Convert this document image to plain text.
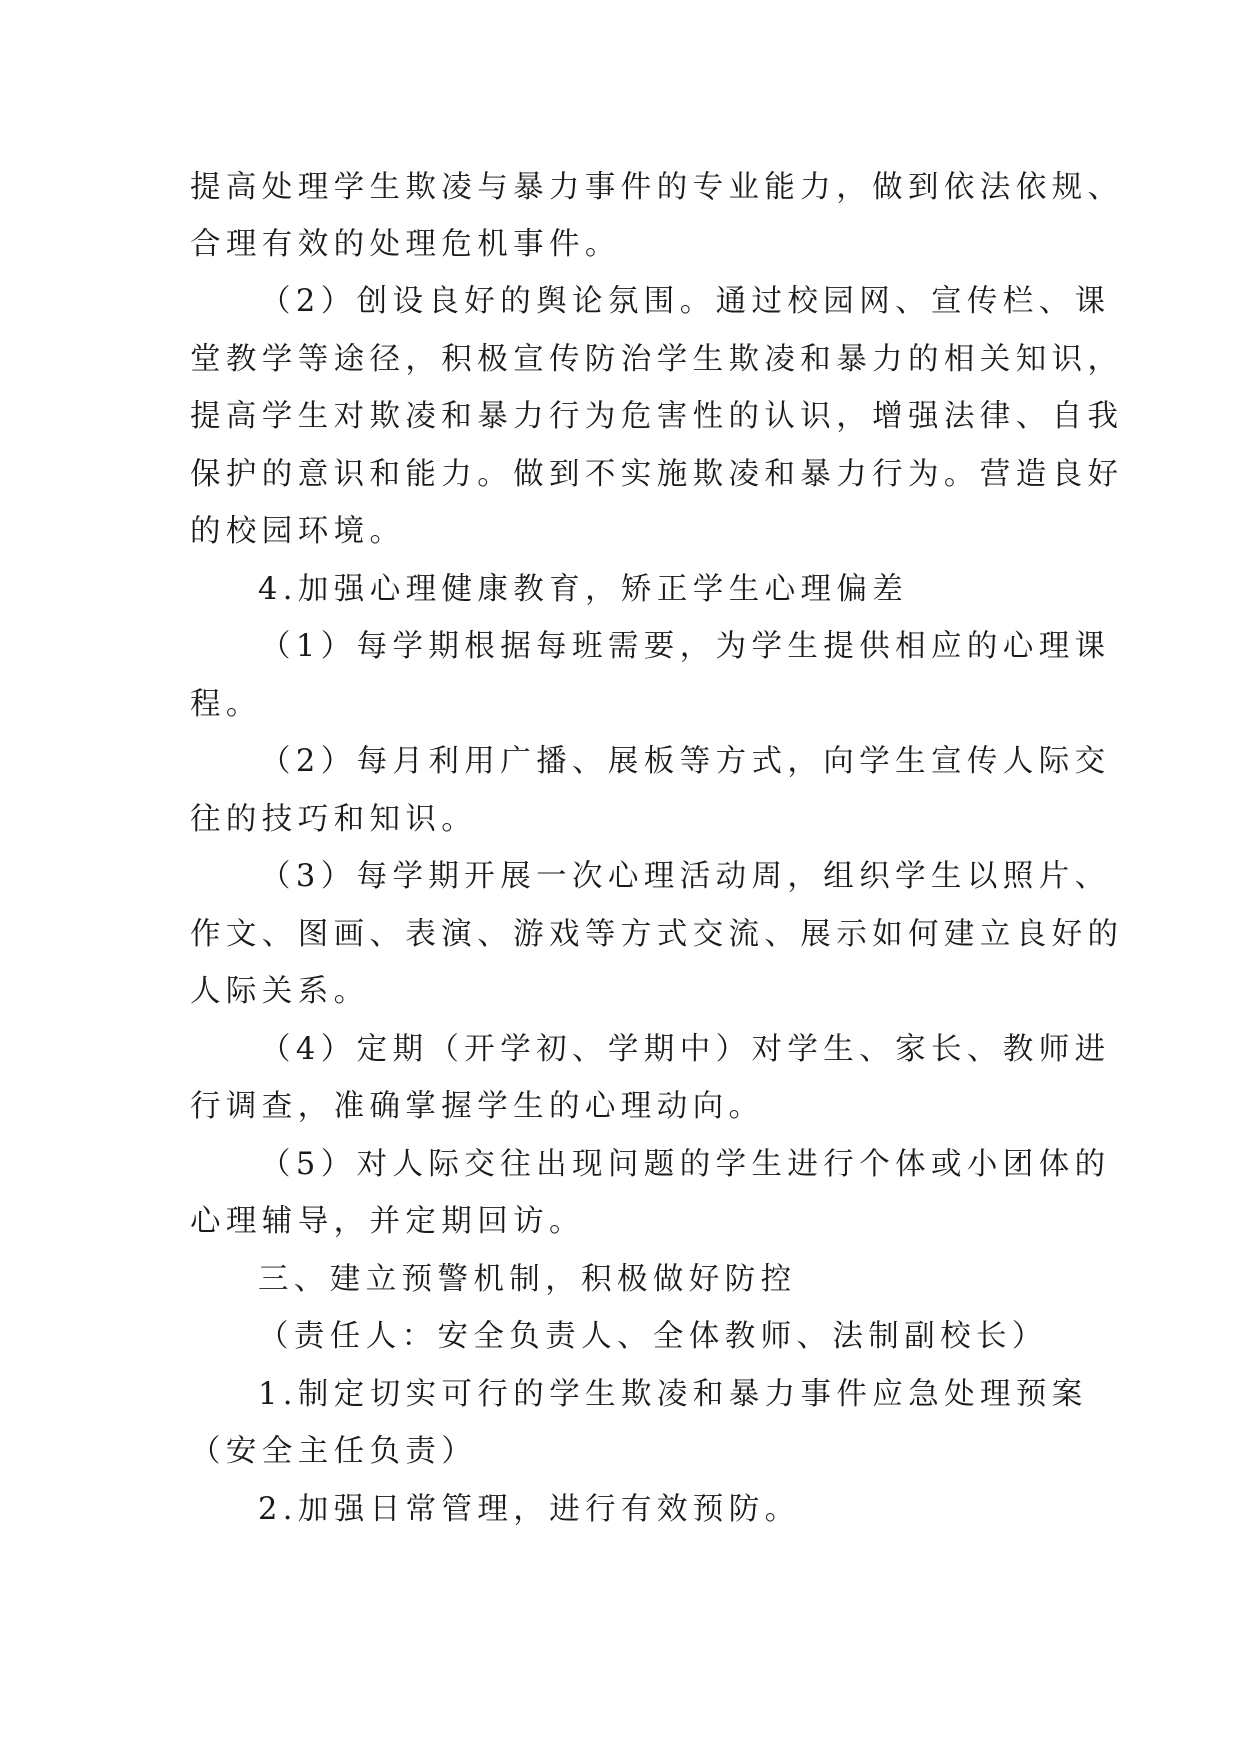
提高处理学生欺凌与暴力事件的专业能力，做到依法依规、
合理有效的处理危机事件。
（2）创设良好的舆论氛围。通过校园网、宣传栏、课
堂教学等途径，积极宣传防治学生欺凌和暴力的相关知识，
提高学生对欺凌和暴力行为危害性的认识，增强法律、自我
保护的意识和能力。做到不实施欺凌和暴力行为。营造良好
的校园环境。
4.加强心理健康教育，矫正学生心理偏差
（1）每学期根据每班需要，为学生提供相应的心理课
程。
（2）每月利用广播、展板等方式，向学生宣传人际交
往的技巧和知识。
（3）每学期开展一次心理活动周，组织学生以照片、
作文、图画、表演、游戏等方式交流、展示如何建立良好的
人际关系。
（4）定期（开学初、学期中）对学生、家长、教师进
行调查，准确掌握学生的心理动向。
（5）对人际交往出现问题的学生进行个体或小团体的
心理辅导，并定期回访。
三、建立预警机制，积极做好防控
（责任人：安全负责人、全体教师、法制副校长）
1.制定切实可行的学生欺凌和暴力事件应急处理预案
（安全主任负责）
2.加强日常管理，进行有效预防。
